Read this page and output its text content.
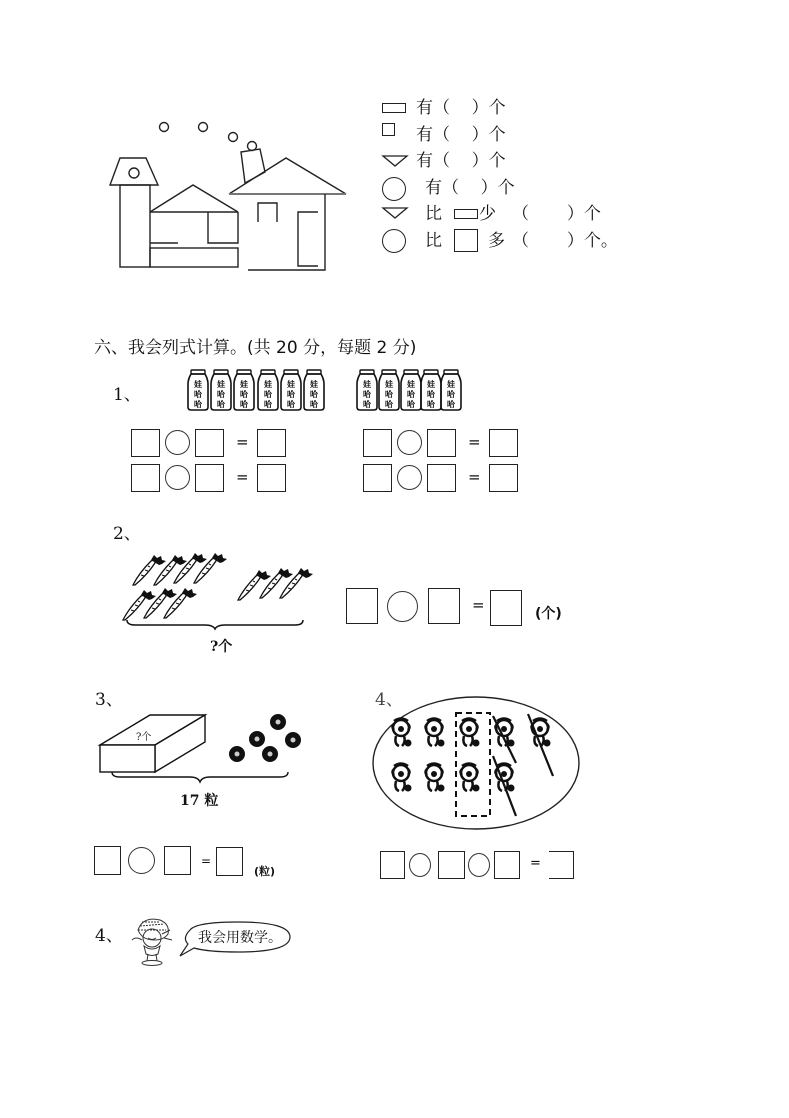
有（    ）个
有（    ）个
有（    ）个
有（    ）个
比 少 （       ）个
比	多 （       ）个。
六、我会列式计算。(共 20 分，每题 2 分)
1、
=
=
=
=
2、
?个
=	(个)
3、
?个
17 粒
=
(粒)
4、
=
4、	我会用数学。
